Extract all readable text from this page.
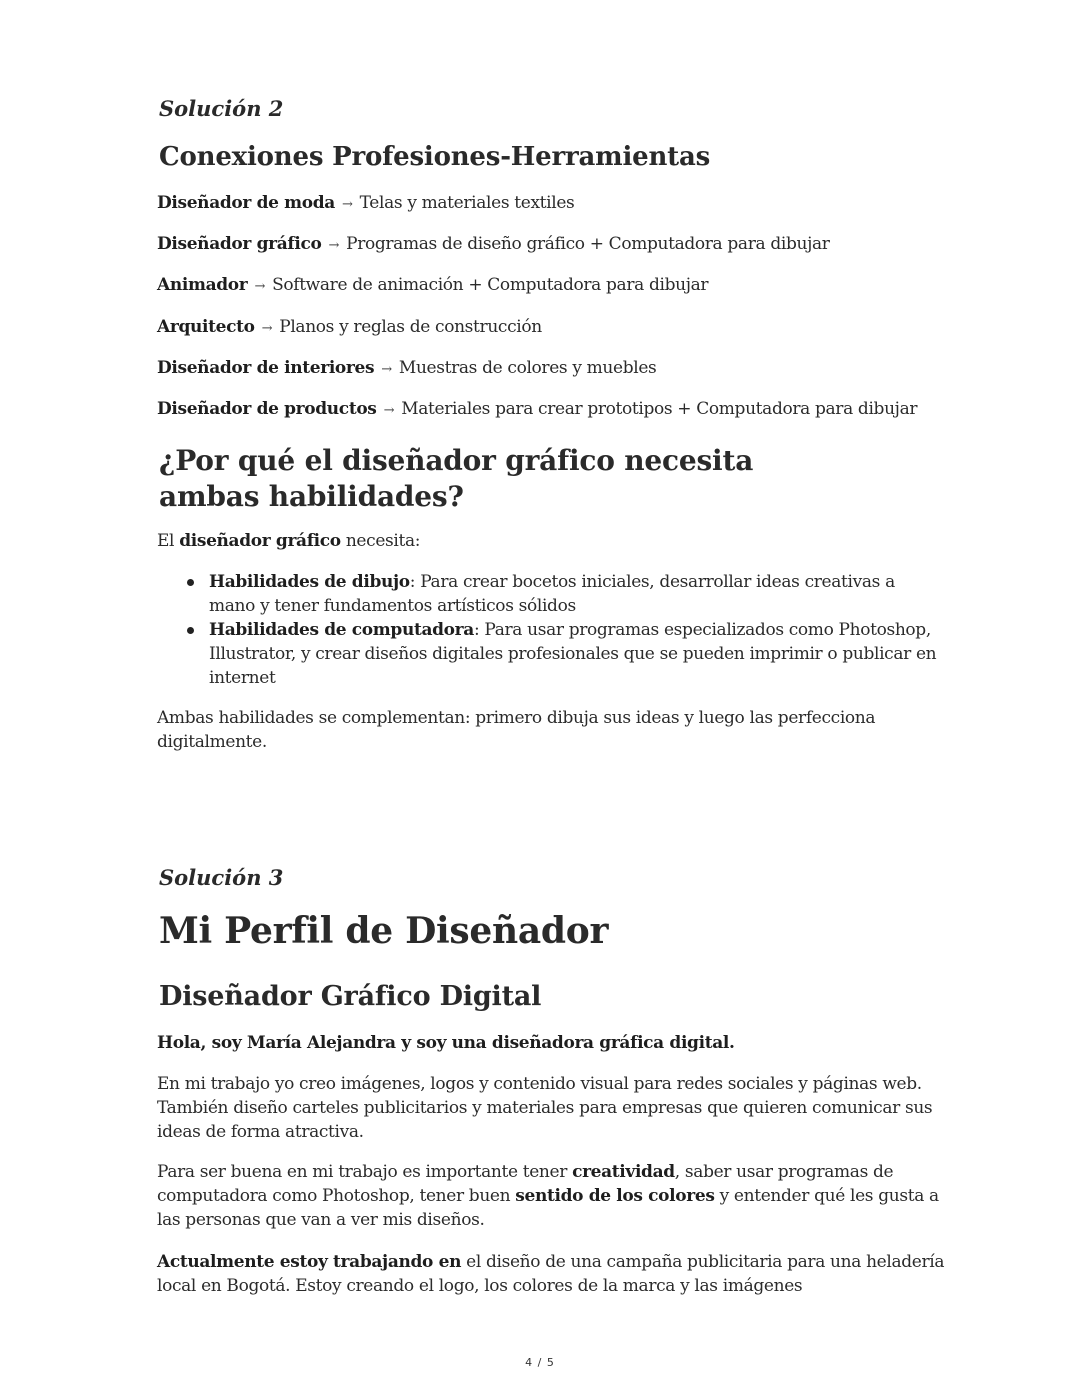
Solución 2
Conexiones Profesiones-Herramientas
Diseñador de moda → Telas y materiales textiles
Diseñador gráfico → Programas de diseño gráfico + Computadora para dibujar
Animador → Software de animación + Computadora para dibujar
Arquitecto → Planos y reglas de construcción
Diseñador de interiores → Muestras de colores y muebles
Diseñador de productos → Materiales para crear prototipos + Computadora para dibujar
¿Por qué el diseñador gráfico necesita ambas habilidades?
El diseñador gráfico necesita:
Habilidades de dibujo: Para crear bocetos iniciales, desarrollar ideas creativas a mano y tener fundamentos artísticos sólidos
Habilidades de computadora: Para usar programas especializados como Photoshop, Illustrator, y crear diseños digitales profesionales que se pueden imprimir o publicar en internet
Ambas habilidades se complementan: primero dibuja sus ideas y luego las perfecciona digitalmente.
Solución 3
Mi Perfil de Diseñador
Diseñador Gráfico Digital
Hola, soy María Alejandra y soy una diseñadora gráfica digital.
En mi trabajo yo creo imágenes, logos y contenido visual para redes sociales y páginas web. También diseño carteles publicitarios y materiales para empresas que quieren comunicar sus ideas de forma atractiva.
Para ser buena en mi trabajo es importante tener creatividad, saber usar programas de computadora como Photoshop, tener buen sentido de los colores y entender qué les gusta a las personas que van a ver mis diseños.
Actualmente estoy trabajando en el diseño de una campaña publicitaria para una heladería local en Bogotá. Estoy creando el logo, los colores de la marca y las imágenes
4 / 5
